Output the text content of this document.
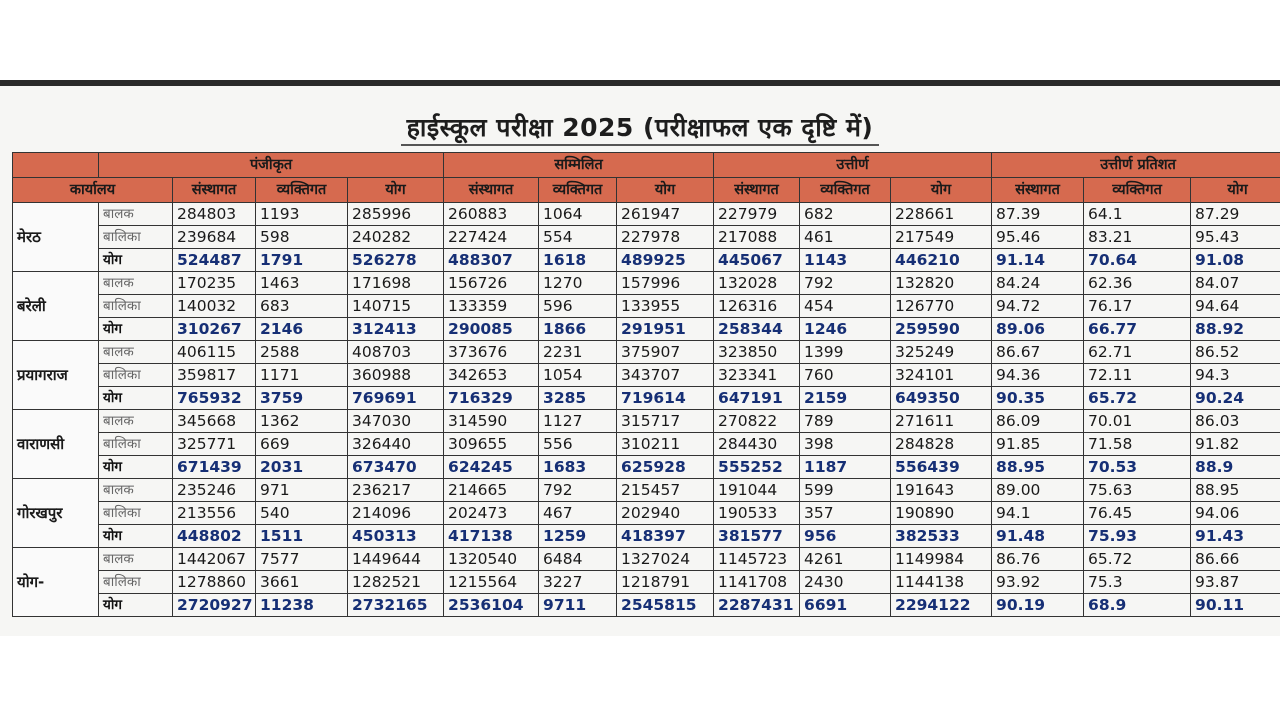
हाईस्कूल परीक्षा 2025 (परीक्षाफल एक दृष्टि में)
	पंजीकृत				सम्मिलित			उत्तीर्ण			उत्तीर्ण प्रतिशत		
कार्यालय		संस्थागत	व्यक्तिगत	योग	संस्थागत	व्यक्तिगत	योग	संस्थागत	व्यक्तिगत	योग	संस्थागत	व्यक्तिगत	योग
मेरठ	बालक	284803	1193	285996	260883	1064	261947	227979	682	228661	87.39	64.1	87.29
	बालिका	239684	598	240282	227424	554	227978	217088	461	217549	95.46	83.21	95.43
	योग	524487	1791	526278	488307	1618	489925	445067	1143	446210	91.14	70.64	91.08
बरेली	बालक	170235	1463	171698	156726	1270	157996	132028	792	132820	84.24	62.36	84.07
	बालिका	140032	683	140715	133359	596	133955	126316	454	126770	94.72	76.17	94.64
	योग	310267	2146	312413	290085	1866	291951	258344	1246	259590	89.06	66.77	88.92
प्रयागराज	बालक	406115	2588	408703	373676	2231	375907	323850	1399	325249	86.67	62.71	86.52
	बालिका	359817	1171	360988	342653	1054	343707	323341	760	324101	94.36	72.11	94.3
	योग	765932	3759	769691	716329	3285	719614	647191	2159	649350	90.35	65.72	90.24
वाराणसी	बालक	345668	1362	347030	314590	1127	315717	270822	789	271611	86.09	70.01	86.03
	बालिका	325771	669	326440	309655	556	310211	284430	398	284828	91.85	71.58	91.82
	योग	671439	2031	673470	624245	1683	625928	555252	1187	556439	88.95	70.53	88.9
गोरखपुर	बालक	235246	971	236217	214665	792	215457	191044	599	191643	89.00	75.63	88.95
	बालिका	213556	540	214096	202473	467	202940	190533	357	190890	94.1	76.45	94.06
	योग	448802	1511	450313	417138	1259	418397	381577	956	382533	91.48	75.93	91.43
योग-	बालक	1442067	7577	1449644	1320540	6484	1327024	1145723	4261	1149984	86.76	65.72	86.66
	बालिका	1278860	3661	1282521	1215564	3227	1218791	1141708	2430	1144138	93.92	75.3	93.87
	योग	2720927	11238	2732165	2536104	9711	2545815	2287431	6691	2294122	90.19	68.9	90.11
